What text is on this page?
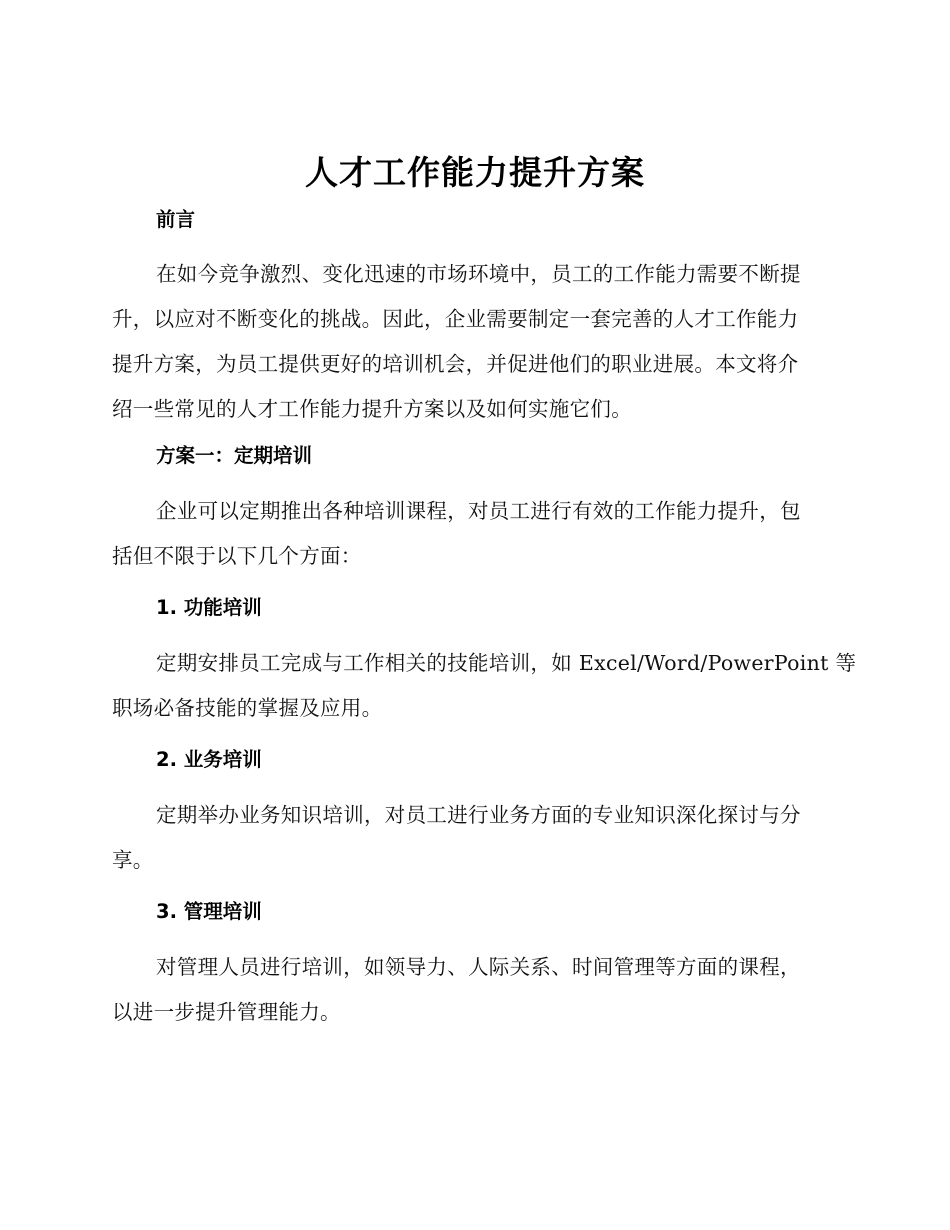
人才工作能力提升方案
前言
在如今竞争激烈、变化迅速的市场环境中，员工的工作能力需要不断提
升，以应对不断变化的挑战。因此，企业需要制定一套完善的人才工作能力
提升方案，为员工提供更好的培训机会，并促进他们的职业进展。本文将介
绍一些常见的人才工作能力提升方案以及如何实施它们。
方案一：定期培训
企业可以定期推出各种培训课程，对员工进行有效的工作能力提升，包
括但不限于以下几个方面：
1. 功能培训
定期安排员工完成与工作相关的技能培训，如 Excel/Word/PowerPoint 等
职场必备技能的掌握及应用。
2. 业务培训
定期举办业务知识培训，对员工进行业务方面的专业知识深化探讨与分
享。
3. 管理培训
对管理人员进行培训，如领导力、人际关系、时间管理等方面的课程，
以进一步提升管理能力。
